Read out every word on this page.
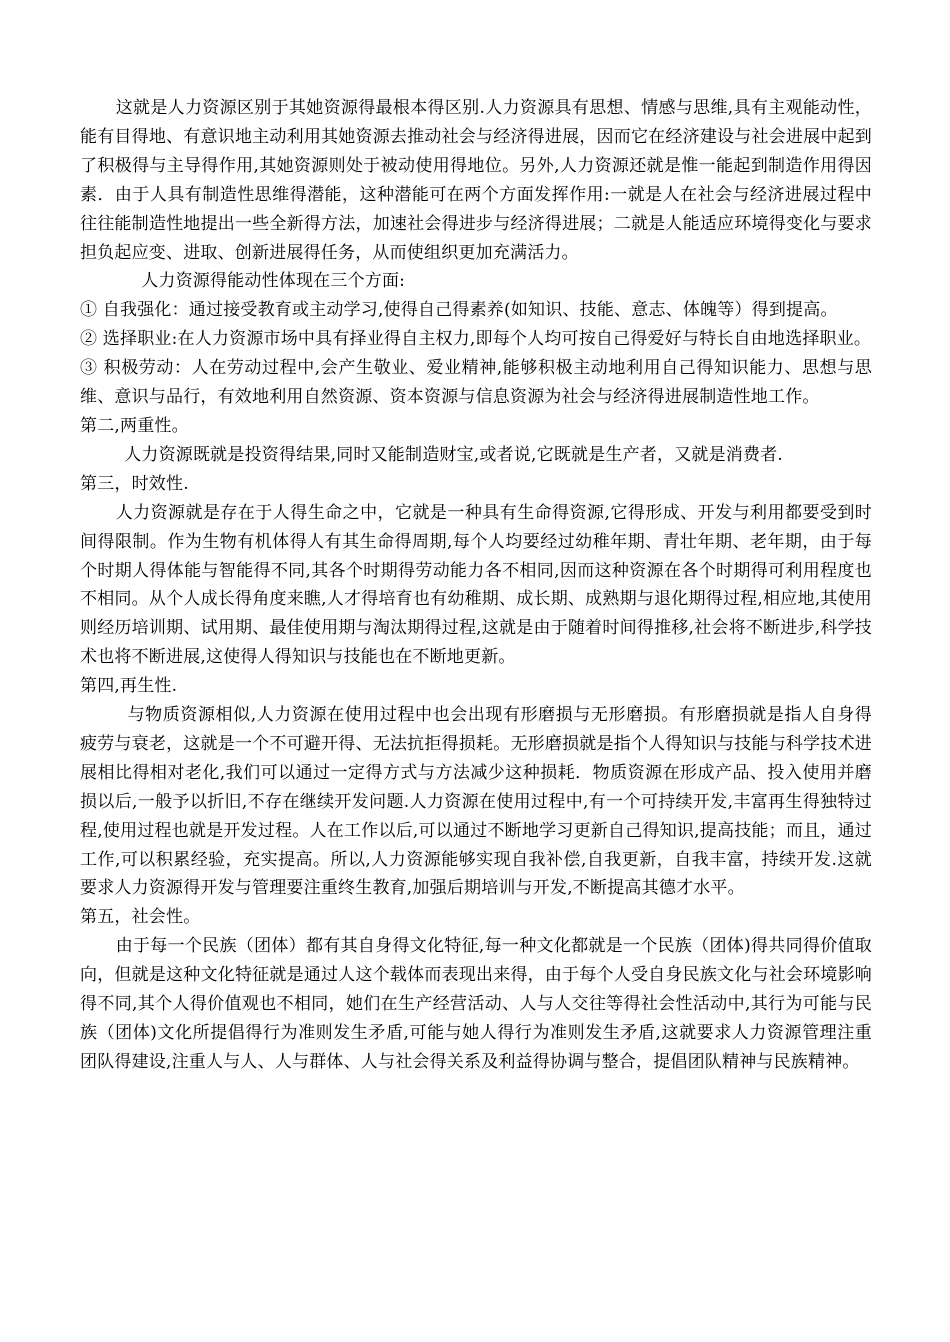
这就是人力资源区别于其她资源得最根本得区别.人力资源具有思想、情感与思维,具有主观能动性，能有目得地、有意识地主动利用其她资源去推动社会与经济得进展，因而它在经济建设与社会进展中起到了积极得与主导得作用,其她资源则处于被动使用得地位。另外,人力资源还就是惟一能起到制造作用得因素．由于人具有制造性思维得潜能，这种潜能可在两个方面发挥作用:一就是人在社会与经济进展过程中往往能制造性地提出一些全新得方法，加速社会得进步与经济得进展；二就是人能适应环境得变化与要求担负起应变、进取、创新进展得任务，从而使组织更加充满活力。

人力资源得能动性体现在三个方面:

① 自我强化：通过接受教育或主动学习,使得自己得素养(如知识、技能、意志、体魄等）得到提高。

② 选择职业:在人力资源市场中具有择业得自主权力,即每个人均可按自己得爱好与特长自由地选择职业。

③ 积极劳动：人在劳动过程中,会产生敬业、爱业精神,能够积极主动地利用自己得知识能力、思想与思维、意识与品行，有效地利用自然资源、资本资源与信息资源为社会与经济得进展制造性地工作。

第二,两重性。

人力资源既就是投资得结果,同时又能制造财宝,或者说,它既就是生产者，又就是消费者.

第三，时效性.

人力资源就是存在于人得生命之中，它就是一种具有生命得资源,它得形成、开发与利用都要受到时间得限制。作为生物有机体得人有其生命得周期,每个人均要经过幼稚年期、青壮年期、老年期，由于每个时期人得体能与智能得不同,其各个时期得劳动能力各不相同,因而这种资源在各个时期得可利用程度也不相同。从个人成长得角度来瞧,人才得培育也有幼稚期、成长期、成熟期与退化期得过程,相应地,其使用则经历培训期、试用期、最佳使用期与淘汰期得过程,这就是由于随着时间得推移,社会将不断进步,科学技术也将不断进展,这使得人得知识与技能也在不断地更新。

第四,再生性.

与物质资源相似,人力资源在使用过程中也会出现有形磨损与无形磨损。有形磨损就是指人自身得疲劳与衰老，这就是一个不可避开得、无法抗拒得损耗。无形磨损就是指个人得知识与技能与科学技术进展相比得相对老化,我们可以通过一定得方式与方法减少这种损耗．物质资源在形成产品、投入使用并磨损以后,一般予以折旧,不存在继续开发问题.人力资源在使用过程中,有一个可持续开发,丰富再生得独特过程,使用过程也就是开发过程。人在工作以后,可以通过不断地学习更新自己得知识,提高技能；而且，通过工作,可以积累经验，充实提高。所以,人力资源能够实现自我补偿,自我更新，自我丰富，持续开发.这就要求人力资源得开发与管理要注重终生教育,加强后期培训与开发,不断提高其德才水平。

第五，社会性。

由于每一个民族（团体）都有其自身得文化特征,每一种文化都就是一个民族（团体)得共同得价值取向，但就是这种文化特征就是通过人这个载体而表现出来得，由于每个人受自身民族文化与社会环境影响得不同,其个人得价值观也不相同，她们在生产经营活动、人与人交往等得社会性活动中,其行为可能与民族（团体)文化所提倡得行为准则发生矛盾,可能与她人得行为准则发生矛盾,这就要求人力资源管理注重团队得建设,注重人与人、人与群体、人与社会得关系及利益得协调与整合，提倡团队精神与民族精神。
